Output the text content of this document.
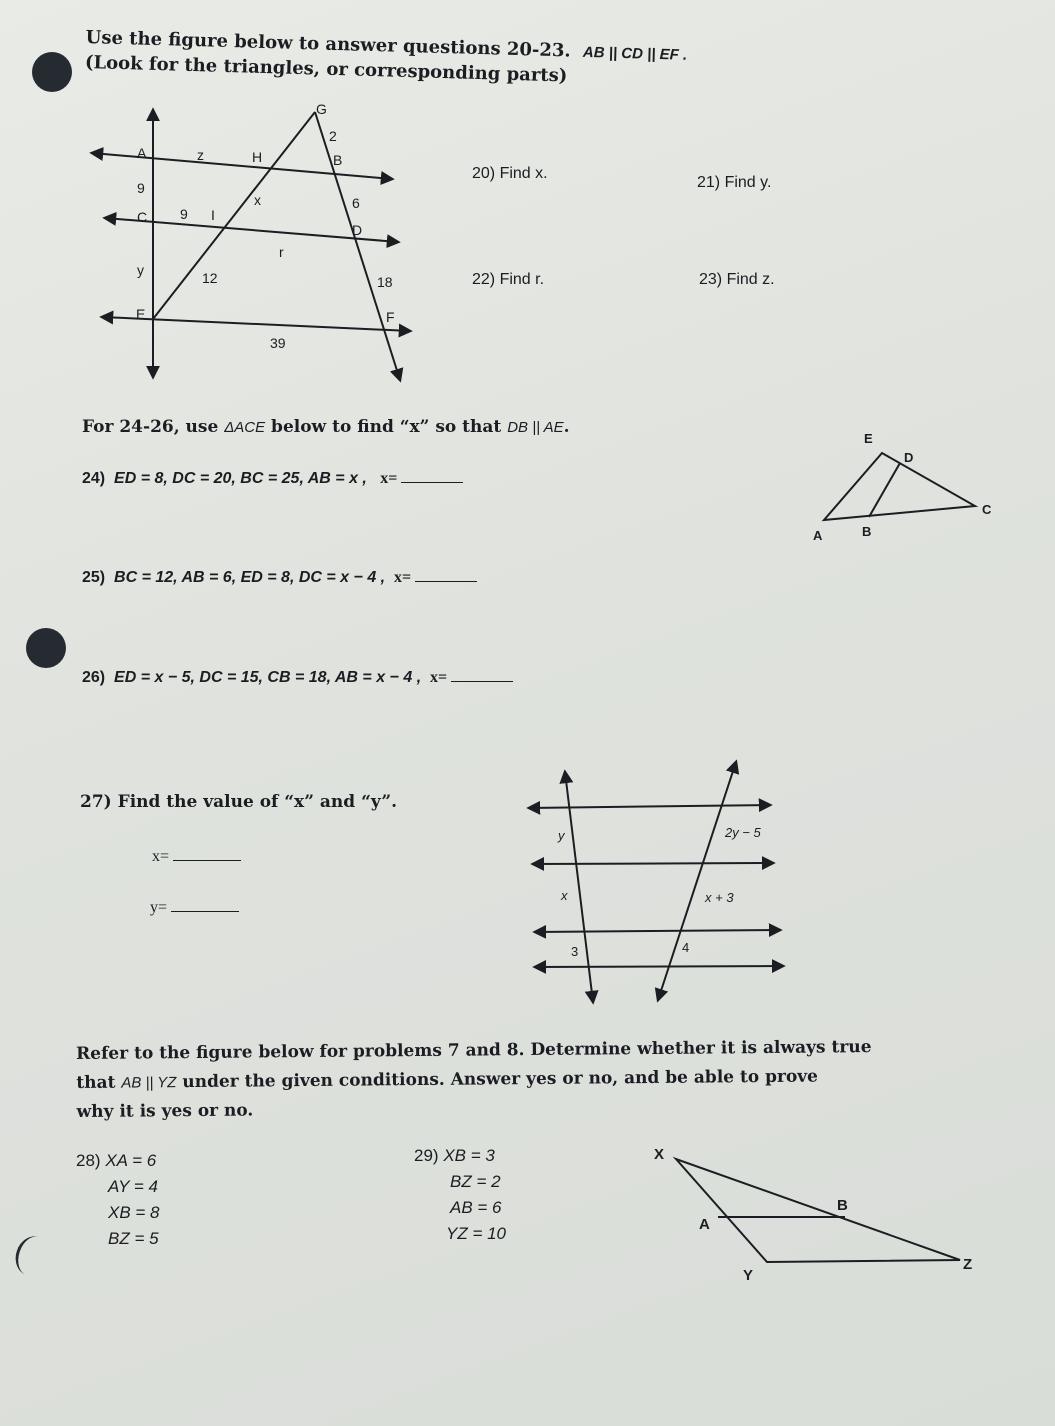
Use the figure below to answer questions 20-23. AB || CD || EF .
(Look for the triangles, or corresponding parts)
G
A	H	B
C	I
D
E	F
z
9
9
x
2
6
r
y	12	18
39
20) Find x.
21) Find y.
22) Find r.	23) Find z.
For 24-26, use ΔACE below to find “x” so that DB || AE.
E
D
C
A	B
24) ED = 8, DC = 20, BC = 25, AB = x , x=
25) BC = 12, AB = 6, ED = 8, DC = x − 4 , x=
26) ED = x − 5, DC = 15, CB = 18, AB = x − 4 , x=
27) Find the value of “x” and “y”.
x=
y=
y	2y − 5
x	x + 3
3	4
Refer to the figure below for problems 7 and 8. Determine whether it is always true
that AB || YZ under the given conditions. Answer yes or no, and be able to prove
why it is yes or no.
28) XA = 6
AY = 4
XB = 8
BZ = 5
29) XB = 3
BZ = 2
AB = 6
YZ = 10
X
A
B
Y
Z
